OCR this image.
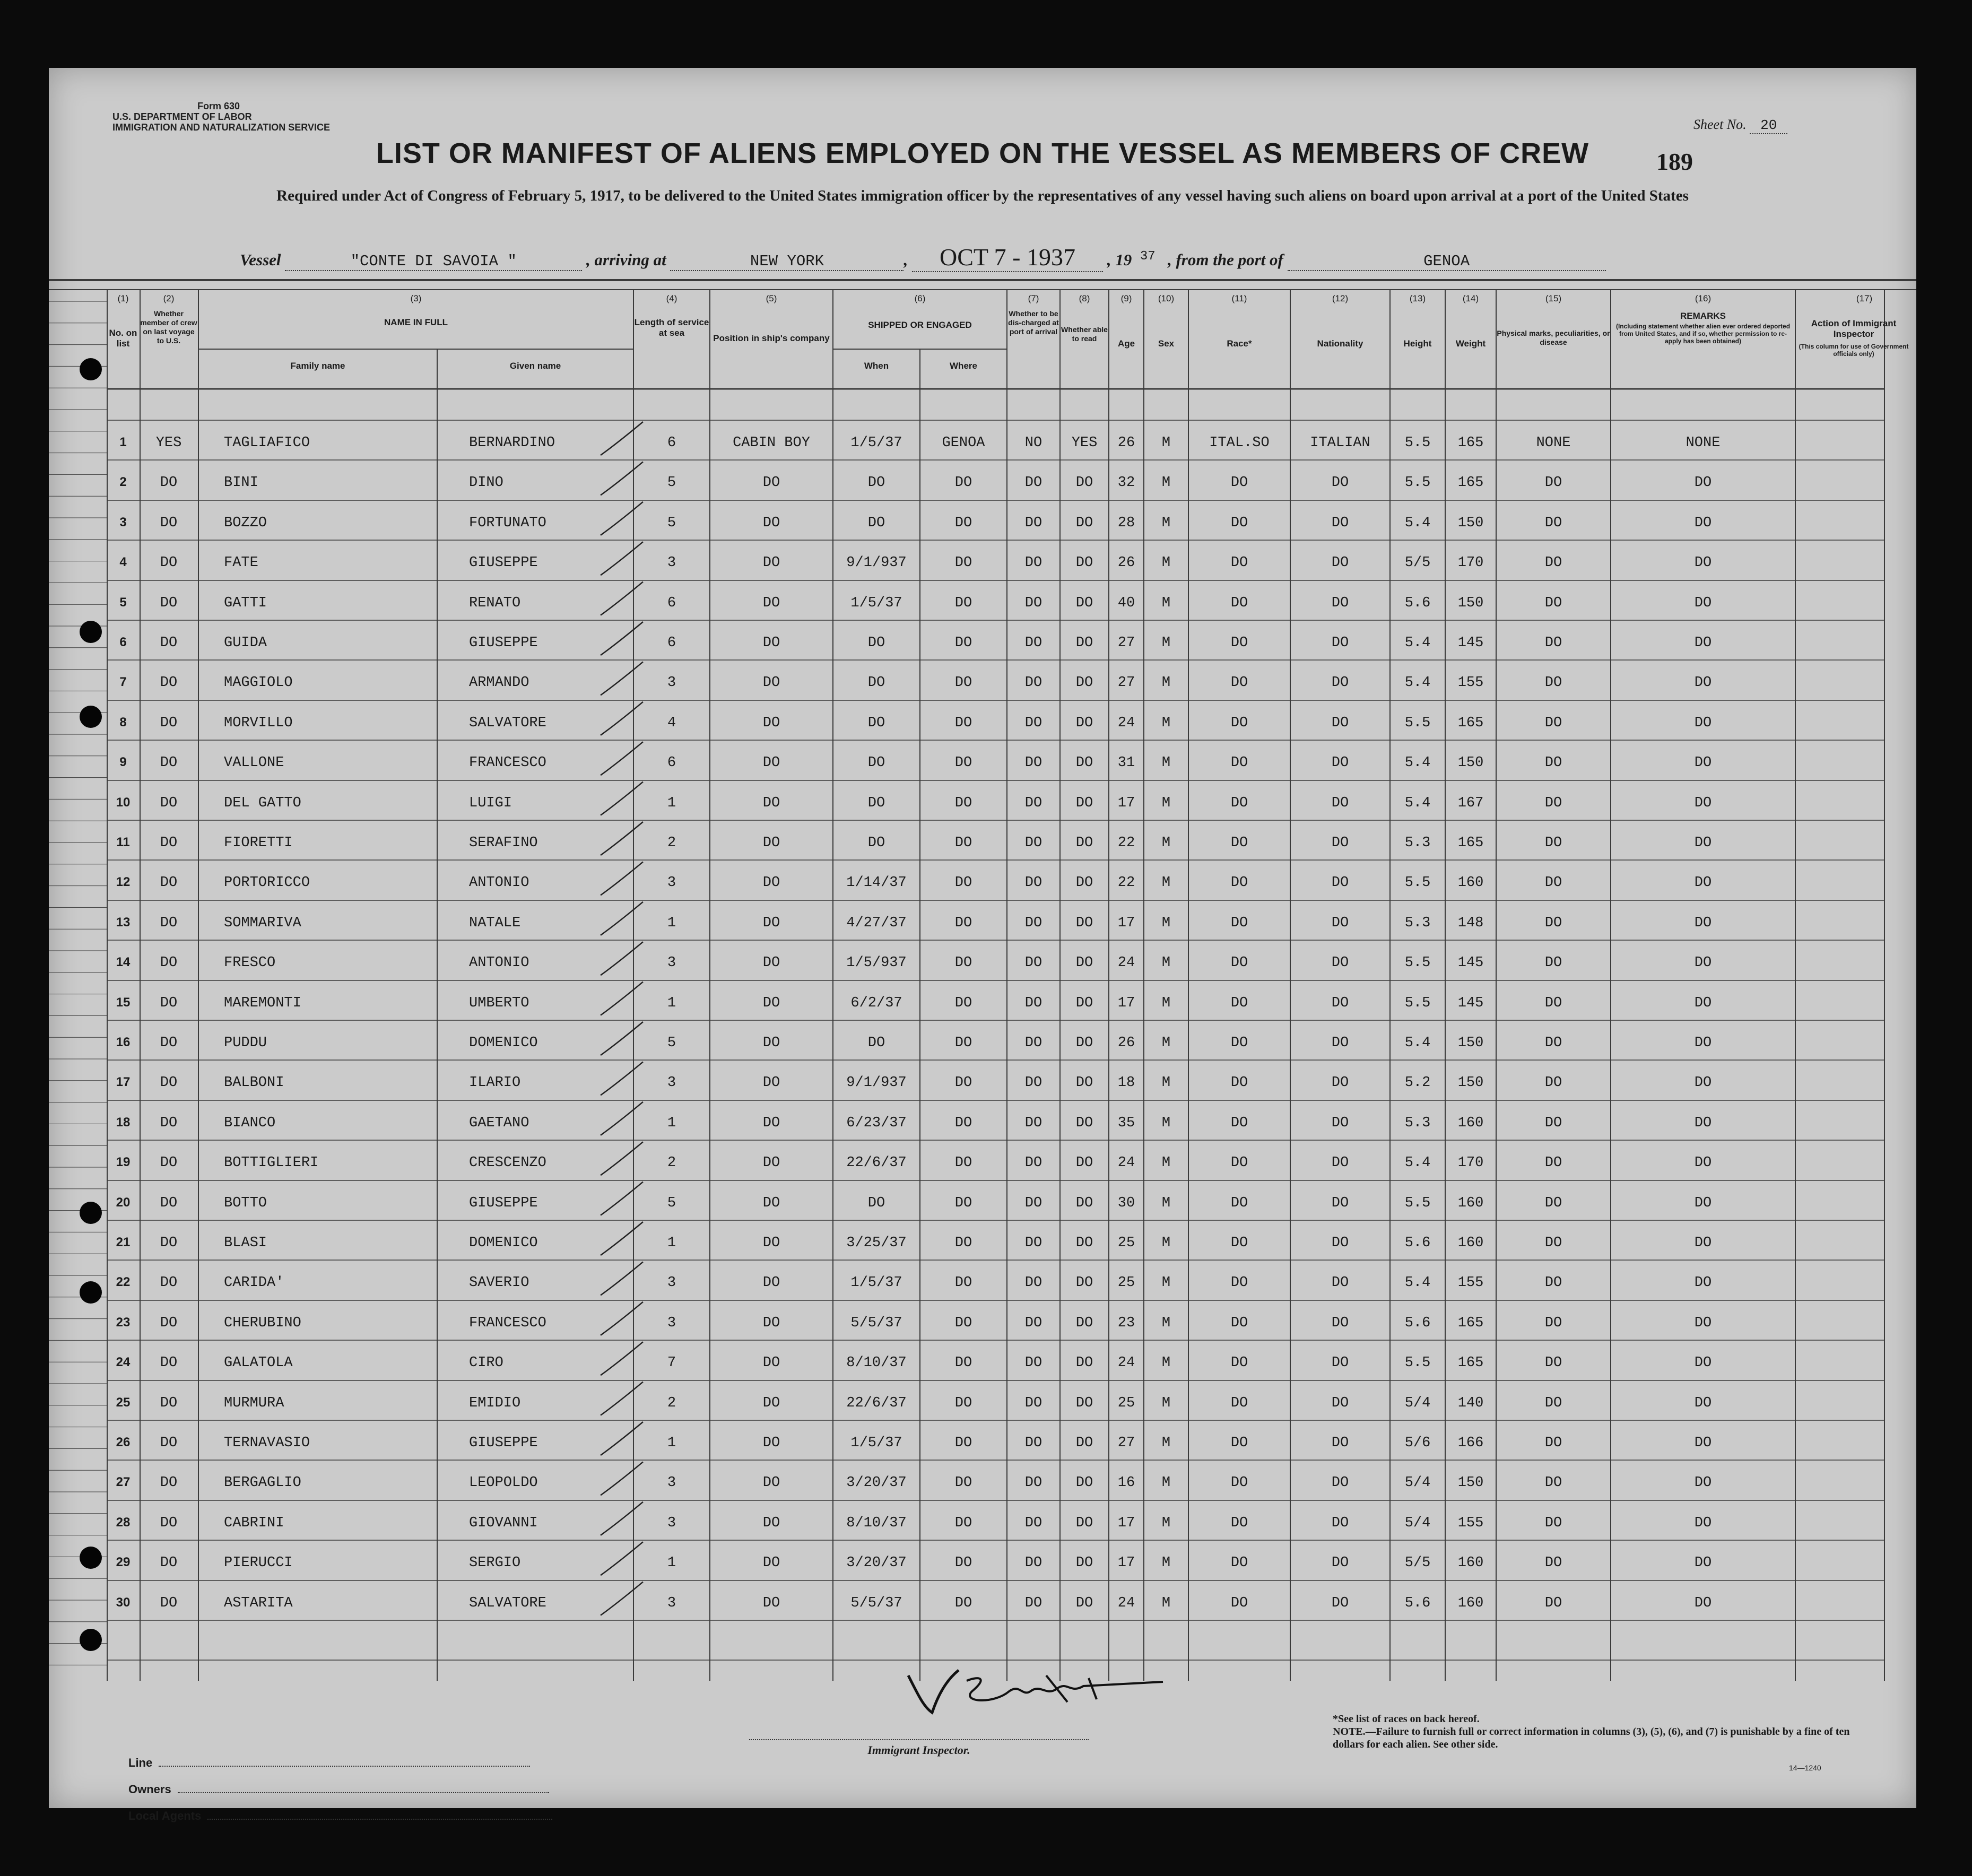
Form 630
U.S. DEPARTMENT OF LABOR
IMMIGRATION AND NATURALIZATION SERVICE
LIST OR MANIFEST OF ALIENS EMPLOYED ON THE VESSEL AS MEMBERS OF CREW
Sheet No. 20
189
Required under Act of Congress of February 5, 1917, to be delivered to the United States immigration officer by the representatives of any vessel having such aliens on board upon arrival at a port of the United States
Vessel	"CONTE DI SAVOIA "	, arriving at	NEW YORK	, OCT 7 - 1937 , 19 37 , from the port of	GENOA
(1)
No. on list
(2)
Whether member of crew on last voyage to U.S.
(3)
NAME IN FULL
Family name	Given name
(4)
Length of service at sea
(5)
Position in ship's company
(6)
SHIPPED OR ENGAGED
When	Where
(7)
Whether to be dis-charged at port of arrival
(8)
Whether able to read
(9)
Age
(10)
Sex
(11)
Race*
(12)
Nationality
(13)
Height
(14)
Weight
(15)
Physical marks, peculiarities, or disease
(16)
REMARKS
(Including statement whether alien ever ordered deported from United States, and if so, whether permission to re-apply has been obtained)
(17)
Action of Immigrant Inspector
(This column for use of Government officials only)
1	YES	TAGLIAFICO	BERNARDINO	6	CABIN BOY	1/5/37	GENOA	NO	YES	26	M	ITAL.SO	ITALIAN	5.5	165	NONE	NONE
2	DO	BINI	DINO	5	DO	DO	DO	DO	DO	32	M	DO	DO	5.5	165	DO	DO
3	DO	BOZZO	FORTUNATO	5	DO	DO	DO	DO	DO	28	M	DO	DO	5.4	150	DO	DO
4	DO	FATE	GIUSEPPE	3	DO	9/1/937	DO	DO	DO	26	M	DO	DO	5/5	170	DO	DO
5	DO	GATTI	RENATO	6	DO	1/5/37	DO	DO	DO	40	M	DO	DO	5.6	150	DO	DO
6	DO	GUIDA	GIUSEPPE	6	DO	DO	DO	DO	DO	27	M	DO	DO	5.4	145	DO	DO
7	DO	MAGGIOLO	ARMANDO	3	DO	DO	DO	DO	DO	27	M	DO	DO	5.4	155	DO	DO
8	DO	MORVILLO	SALVATORE	4	DO	DO	DO	DO	DO	24	M	DO	DO	5.5	165	DO	DO
9	DO	VALLONE	FRANCESCO	6	DO	DO	DO	DO	DO	31	M	DO	DO	5.4	150	DO	DO
10	DO	DEL GATTO	LUIGI	1	DO	DO	DO	DO	DO	17	M	DO	DO	5.4	167	DO	DO
11	DO	FIORETTI	SERAFINO	2	DO	DO	DO	DO	DO	22	M	DO	DO	5.3	165	DO	DO
12	DO	PORTORICCO	ANTONIO	3	DO	1/14/37	DO	DO	DO	22	M	DO	DO	5.5	160	DO	DO
13	DO	SOMMARIVA	NATALE	1	DO	4/27/37	DO	DO	DO	17	M	DO	DO	5.3	148	DO	DO
14	DO	FRESCO	ANTONIO	3	DO	1/5/937	DO	DO	DO	24	M	DO	DO	5.5	145	DO	DO
15	DO	MAREMONTI	UMBERTO	1	DO	6/2/37	DO	DO	DO	17	M	DO	DO	5.5	145	DO	DO
16	DO	PUDDU	DOMENICO	5	DO	DO	DO	DO	DO	26	M	DO	DO	5.4	150	DO	DO
17	DO	BALBONI	ILARIO	3	DO	9/1/937	DO	DO	DO	18	M	DO	DO	5.2	150	DO	DO
18	DO	BIANCO	GAETANO	1	DO	6/23/37	DO	DO	DO	35	M	DO	DO	5.3	160	DO	DO
19	DO	BOTTIGLIERI	CRESCENZO	2	DO	22/6/37	DO	DO	DO	24	M	DO	DO	5.4	170	DO	DO
20	DO	BOTTO	GIUSEPPE	5	DO	DO	DO	DO	DO	30	M	DO	DO	5.5	160	DO	DO
21	DO	BLASI	DOMENICO	1	DO	3/25/37	DO	DO	DO	25	M	DO	DO	5.6	160	DO	DO
22	DO	CARIDA'	SAVERIO	3	DO	1/5/37	DO	DO	DO	25	M	DO	DO	5.4	155	DO	DO
23	DO	CHERUBINO	FRANCESCO	3	DO	5/5/37	DO	DO	DO	23	M	DO	DO	5.6	165	DO	DO
24	DO	GALATOLA	CIRO	7	DO	8/10/37	DO	DO	DO	24	M	DO	DO	5.5	165	DO	DO
25	DO	MURMURA	EMIDIO	2	DO	22/6/37	DO	DO	DO	25	M	DO	DO	5/4	140	DO	DO
26	DO	TERNAVASIO	GIUSEPPE	1	DO	1/5/37	DO	DO	DO	27	M	DO	DO	5/6	166	DO	DO
27	DO	BERGAGLIO	LEOPOLDO	3	DO	3/20/37	DO	DO	DO	16	M	DO	DO	5/4	150	DO	DO
28	DO	CABRINI	GIOVANNI	3	DO	8/10/37	DO	DO	DO	17	M	DO	DO	5/4	155	DO	DO
29	DO	PIERUCCI	SERGIO	1	DO	3/20/37	DO	DO	DO	17	M	DO	DO	5/5	160	DO	DO
30	DO	ASTARITA	SALVATORE	3	DO	5/5/37	DO	DO	DO	24	M	DO	DO	5.6	160	DO	DO
Line
Owners
Local Agents
Immigrant Inspector.
*See list of races on back hereof.
NOTE.—Failure to furnish full or correct information in columns (3), (5), (6), and (7) is punishable by a fine of ten dollars for each alien. See other side.
14—1240
